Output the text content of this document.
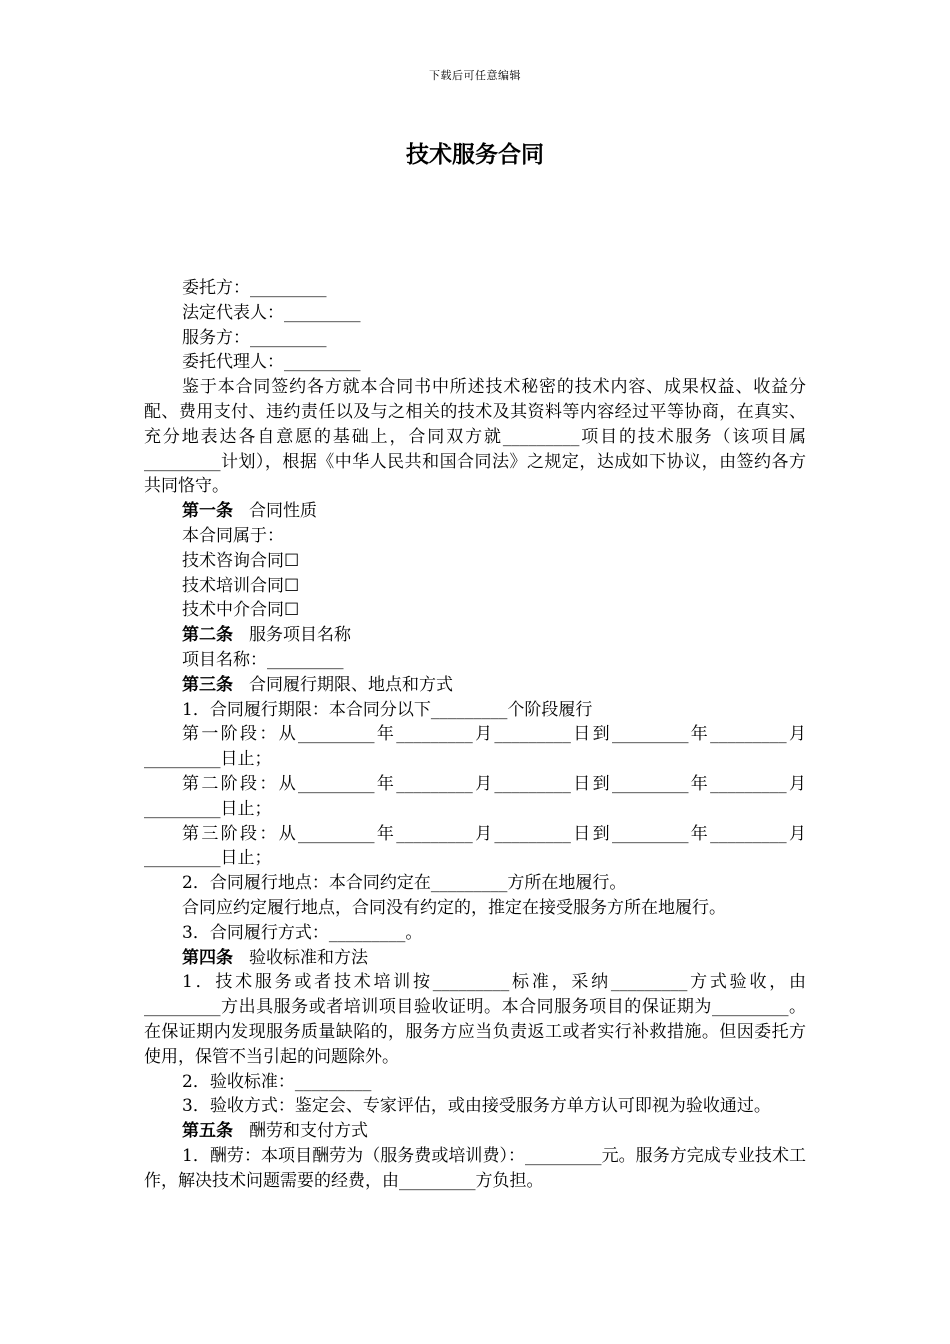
下载后可任意编辑
技术服务合同

委托方：_________

法定代表人：_________

服务方：_________

委托代理人：_________

鉴于本合同签约各方就本合同书中所述技术秘密的技术内容、成果权益、收益分配、费用支付、违约责任以及与之相关的技术及其资料等内容经过平等协商，在真实、充分地表达各自意愿的基础上，合同双方就_________项目的技术服务（该项目属_________计划），根据《中华人民共和国合同法》之规定，达成如下协议，由签约各方共同恪守。

第一条 合同性质

本合同属于：

技术咨询合同☐

技术培训合同☐

技术中介合同☐

第二条 服务项目名称

项目名称：_________

第三条 合同履行期限、地点和方式

1．合同履行期限：本合同分以下_________个阶段履行

第一阶段：从_________年_________月_________日到_________年_________月_________日止；

第二阶段：从_________年_________月_________日到_________年_________月_________日止；

第三阶段：从_________年_________月_________日到_________年_________月_________日止；

2．合同履行地点：本合同约定在_________方所在地履行。

合同应约定履行地点，合同没有约定的，推定在接受服务方所在地履行。

3．合同履行方式：_________。

第四条 验收标准和方法

1．技术服务或者技术培训按_________标准，采纳_________方式验收，由_________方出具服务或者培训项目验收证明。本合同服务项目的保证期为_________。在保证期内发现服务质量缺陷的，服务方应当负责返工或者实行补救措施。但因委托方使用，保管不当引起的问题除外。

2．验收标准：_________

3．验收方式：鉴定会、专家评估，或由接受服务方单方认可即视为验收通过。

第五条 酬劳和支付方式

1．酬劳：本项目酬劳为（服务费或培训费）：_________元。服务方完成专业技术工作，解决技术问题需要的经费，由_________方负担。
